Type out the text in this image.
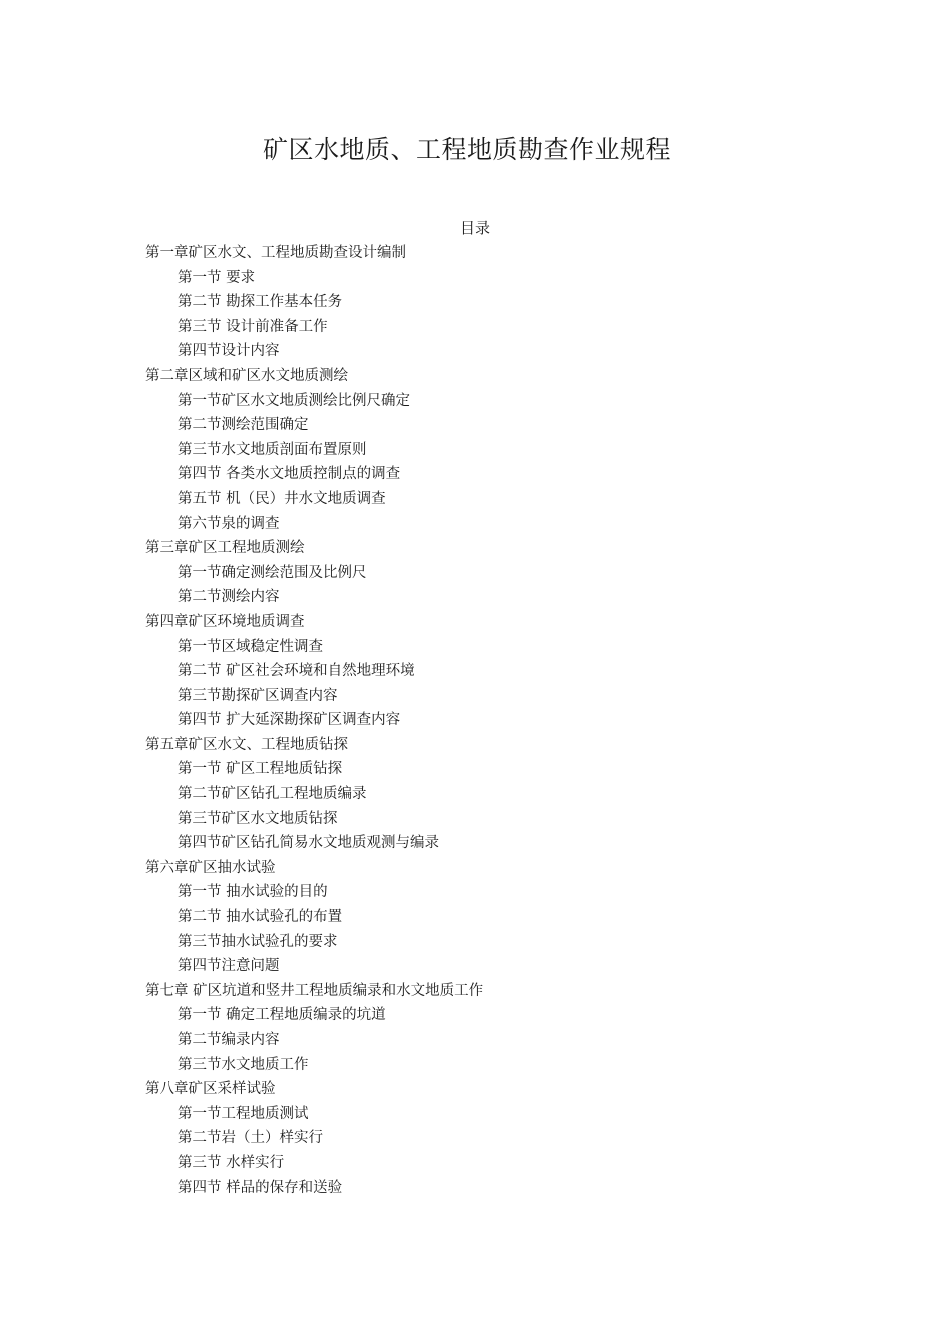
矿区水地质、工程地质勘查作业规程
目录
第一章矿区水文、工程地质勘查设计编制
第一节 要求
第二节 勘探工作基本任务
第三节 设计前准备工作
第四节设计内容
第二章区域和矿区水文地质测绘
第一节矿区水文地质测绘比例尺确定
第二节测绘范围确定
第三节水文地质剖面布置原则
第四节 各类水文地质控制点的调查
第五节 机（民）井水文地质调查
第六节泉的调查
第三章矿区工程地质测绘
第一节确定测绘范围及比例尺
第二节测绘内容
第四章矿区环境地质调查
第一节区域稳定性调查
第二节 矿区社会环境和自然地理环境
第三节勘探矿区调查内容
第四节 扩大延深勘探矿区调查内容
第五章矿区水文、工程地质钻探
第一节 矿区工程地质钻探
第二节矿区钻孔工程地质编录
第三节矿区水文地质钻探
第四节矿区钻孔简易水文地质观测与编录
第六章矿区抽水试验
第一节 抽水试验的目的
第二节 抽水试验孔的布置
第三节抽水试验孔的要求
第四节注意问题
第七章 矿区坑道和竖井工程地质编录和水文地质工作
第一节 确定工程地质编录的坑道
第二节编录内容
第三节水文地质工作
第八章矿区采样试验
第一节工程地质测试
第二节岩（土）样实行
第三节 水样实行
第四节 样品的保存和送验
